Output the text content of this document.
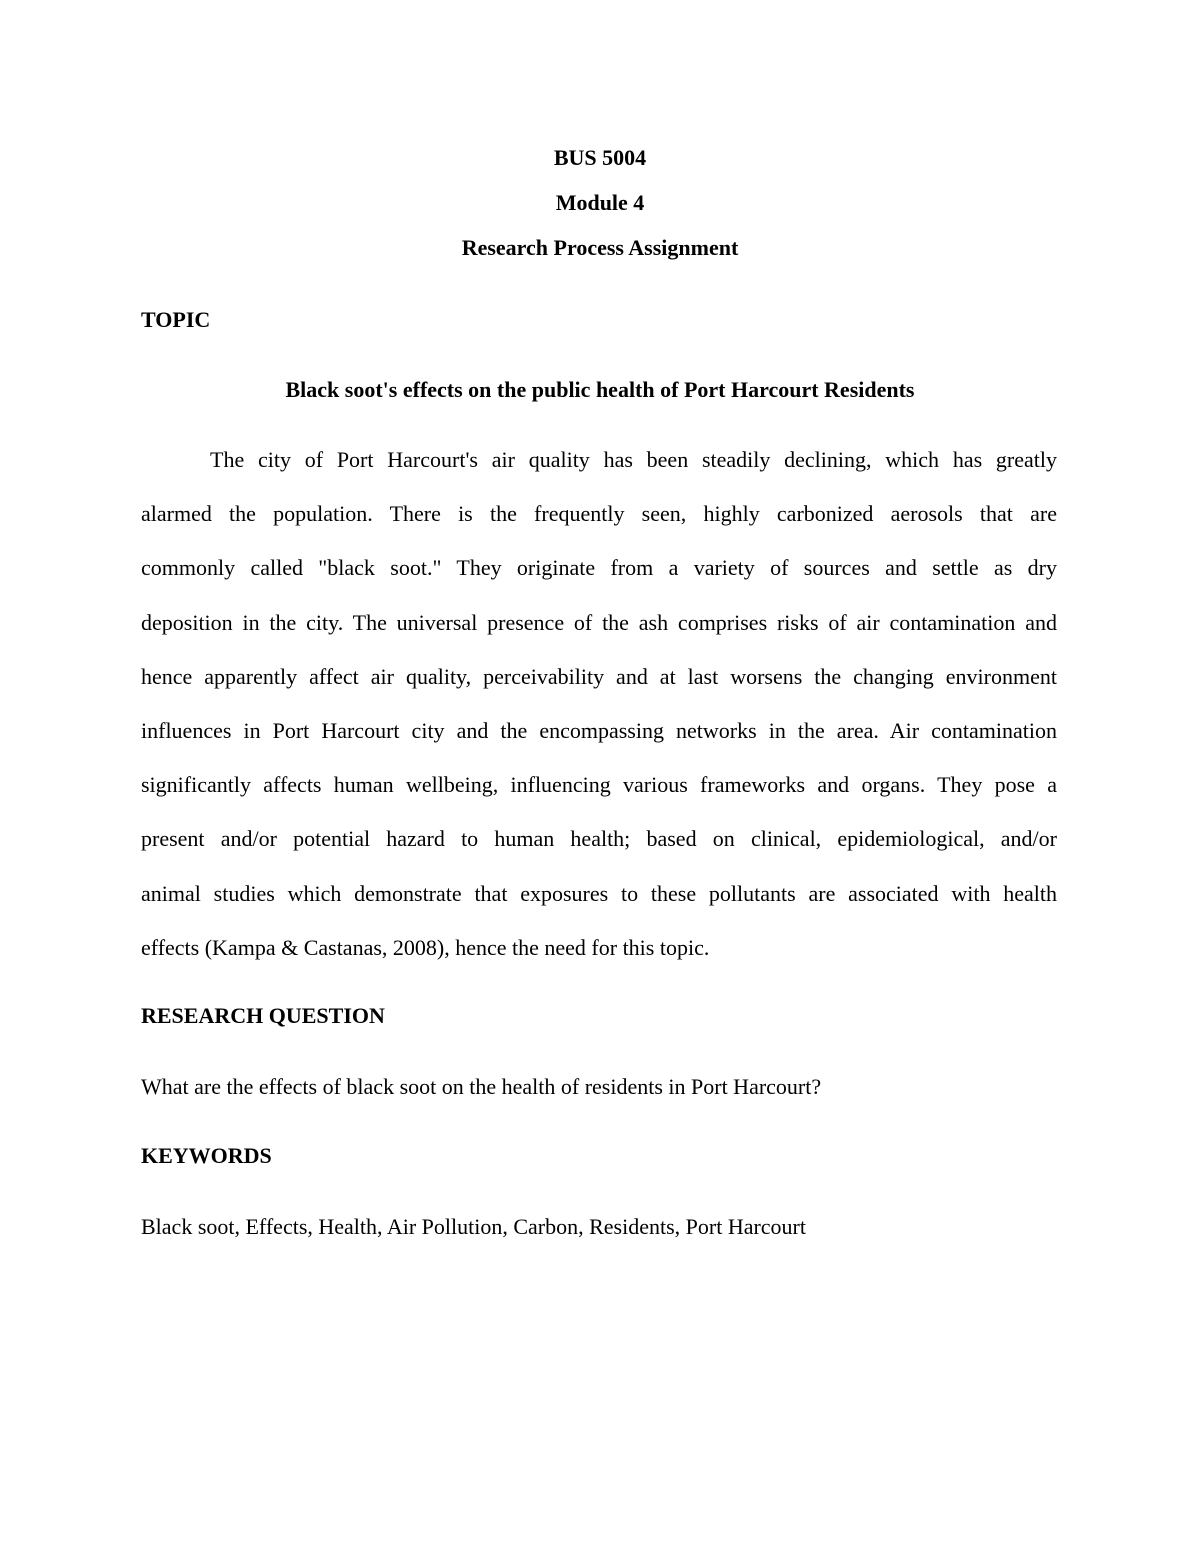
BUS 5004
Module 4
Research Process Assignment
TOPIC
Black soot's effects on the public health of Port Harcourt Residents
The city of Port Harcourt's air quality has been steadily declining, which has greatly
alarmed the population. There is the frequently seen, highly carbonized aerosols that are
commonly called "black soot." They originate from a variety of sources and settle as dry
deposition in the city. The universal presence of the ash comprises risks of air contamination and
hence apparently affect air quality, perceivability and at last worsens the changing environment
influences in Port Harcourt city and the encompassing networks in the area. Air contamination
significantly affects human wellbeing, influencing various frameworks and organs. They pose a
present and/or potential hazard to human health; based on clinical, epidemiological, and/or
animal studies which demonstrate that exposures to these pollutants are associated with health
effects (Kampa & Castanas, 2008), hence the need for this topic.
RESEARCH QUESTION
What are the effects of black soot on the health of residents in Port Harcourt?
KEYWORDS
Black soot, Effects, Health, Air Pollution, Carbon, Residents, Port Harcourt
